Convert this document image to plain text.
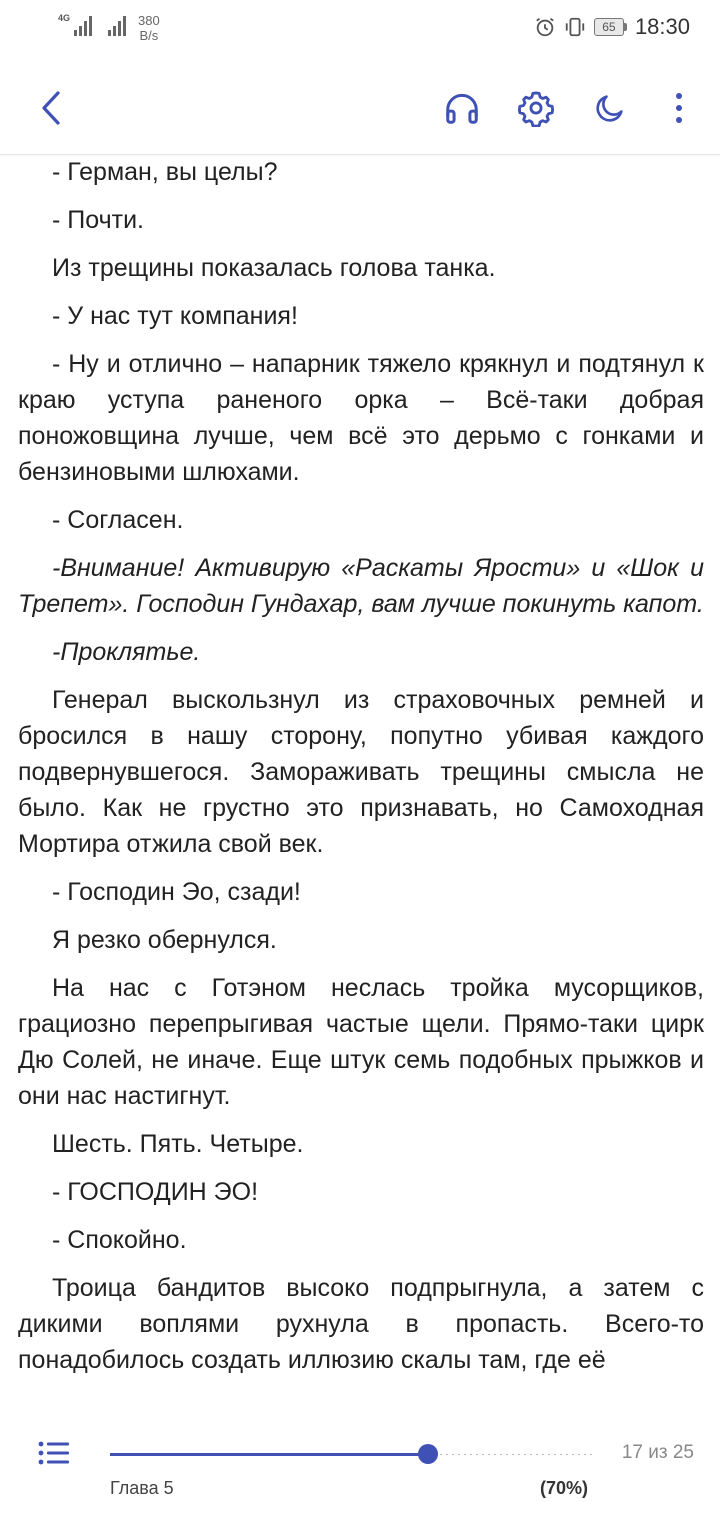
4G	380
B/s
65 18:30

- Герман, вы целы?

- Почти.

Из трещины показалась голова танка.

- У нас тут компания!

- Ну и отлично – напарник тяжело крякнул и подтянул к краю уступа раненого орка – Всё-таки добрая поножовщина лучше, чем всё это дерьмо с гонками и бензиновыми шлюхами.

- Согласен.

-Внимание! Активирую «Раскаты Ярости» и «Шок и Трепет». Господин Гундахар, вам лучше покинуть капот.

-Проклятье.

Генерал выскользнул из страховочных ремней и бросился в нашу сторону, попутно убивая каждого подвернувшегося. Замораживать трещины смысла не было. Как не грустно это признавать, но Самоходная Мортира отжила свой век.

- Господин Эо, сзади!

Я резко обернулся.

На нас с Готэном неслась тройка мусорщиков, грациозно перепрыгивая частые щели. Прямо-таки цирк Дю Солей, не иначе. Еще штук семь подобных прыжков и они нас настигнут.

Шесть. Пять. Четыре.

- ГОСПОДИН ЭО!

- Спокойно.

Троица бандитов высоко подпрыгнула, а затем с дикими воплями рухнула в пропасть. Всего-то понадобилось создать иллюзию скалы там, где её

17 из 25
Глава 5	(70%)
